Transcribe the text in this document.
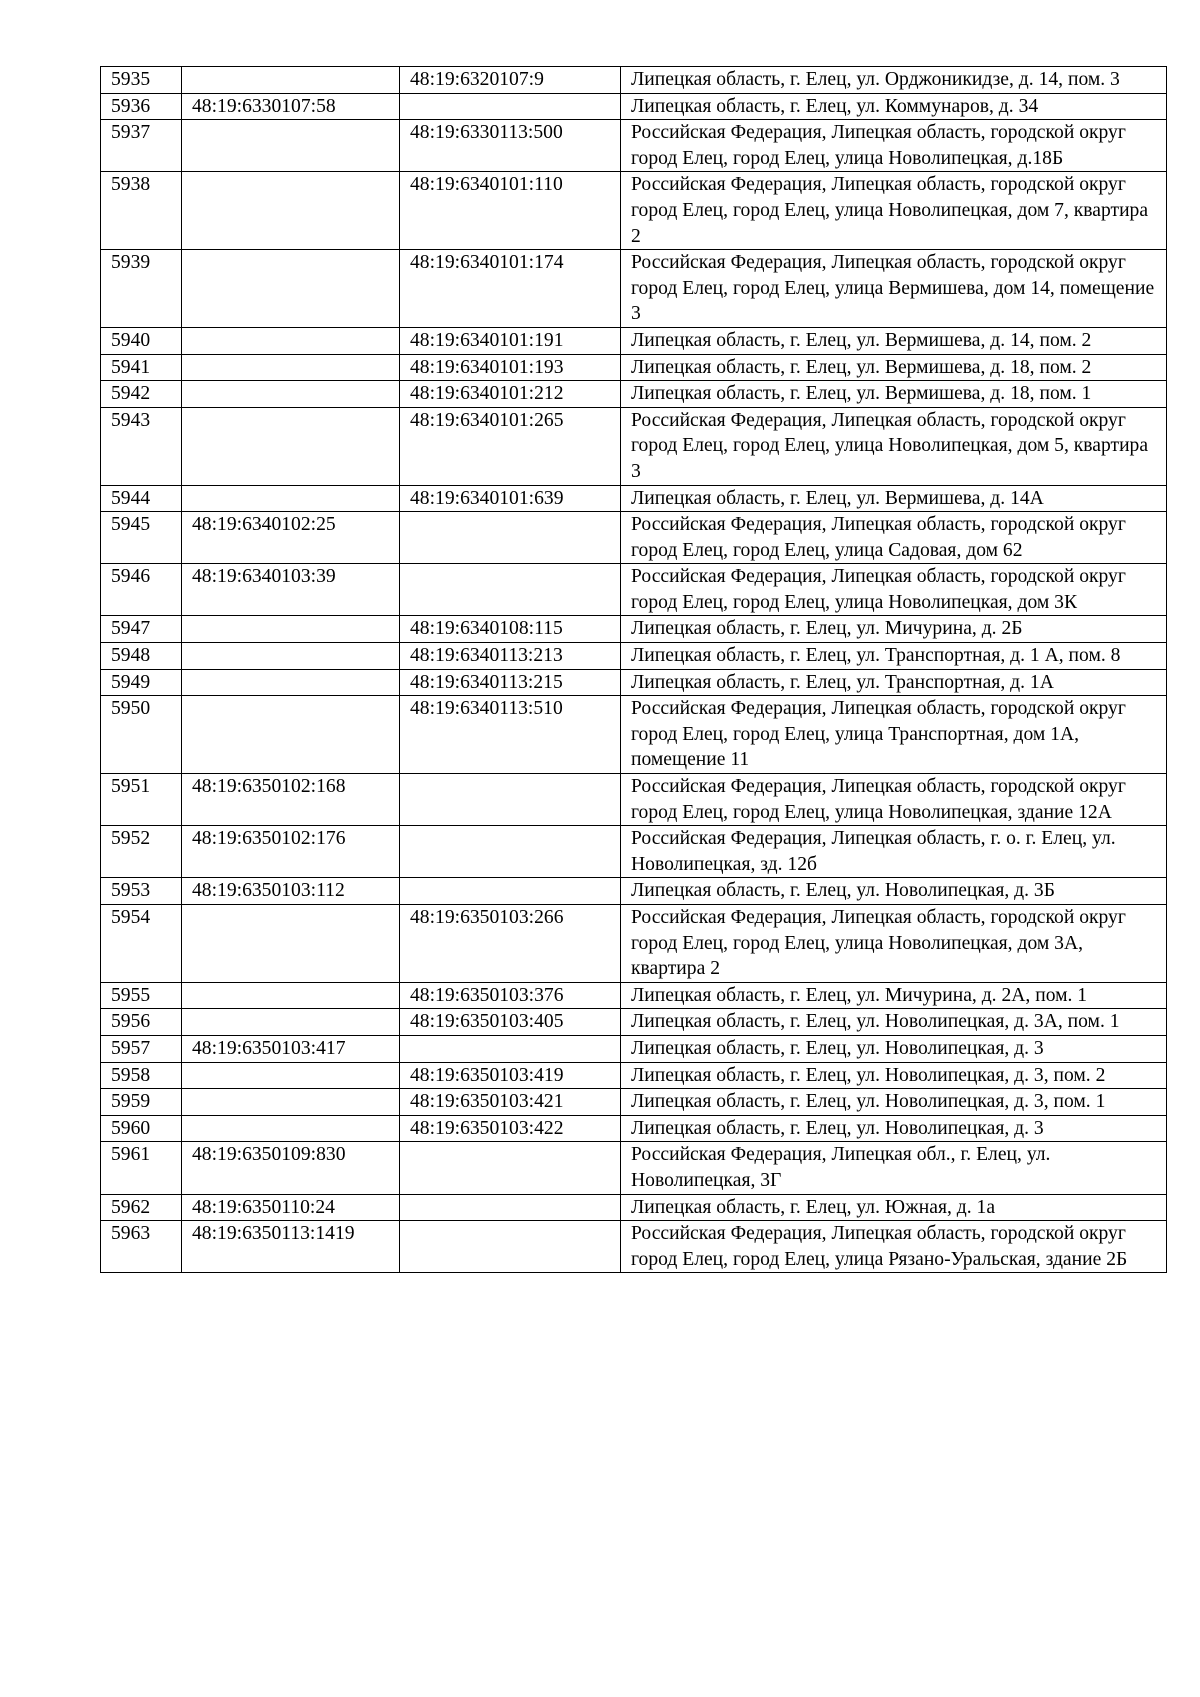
5935		48:19:6320107:9	Липецкая область, г. Елец, ул. Орджоникидзе, д. 14, пом. 3
5936	48:19:6330107:58		Липецкая область, г. Елец, ул. Коммунаров, д. 34
5937		48:19:6330113:500	Российская Федерация, Липецкая область, городской округ город Елец, город Елец, улица Новолипецкая, д.18Б
5938		48:19:6340101:110	Российская Федерация, Липецкая область, городской округ город Елец, город Елец, улица Новолипецкая, дом 7, квартира 2
5939		48:19:6340101:174	Российская Федерация, Липецкая область, городской округ город Елец, город Елец, улица Вермишева, дом 14, помещение 3
5940		48:19:6340101:191	Липецкая область, г. Елец, ул. Вермишева, д. 14, пом. 2
5941		48:19:6340101:193	Липецкая область, г. Елец, ул. Вермишева, д. 18, пом. 2
5942		48:19:6340101:212	Липецкая область, г. Елец, ул. Вермишева, д. 18, пом. 1
5943		48:19:6340101:265	Российская Федерация, Липецкая область, городской округ город Елец, город Елец, улица Новолипецкая, дом 5, квартира 3
5944		48:19:6340101:639	Липецкая область, г. Елец, ул. Вермишева, д. 14А
5945	48:19:6340102:25		Российская Федерация, Липецкая область, городской округ город Елец, город Елец, улица Садовая, дом 62
5946	48:19:6340103:39		Российская Федерация, Липецкая область, городской округ город Елец, город Елец, улица Новолипецкая, дом 3К
5947		48:19:6340108:115	Липецкая область, г. Елец, ул. Мичурина, д. 2Б
5948		48:19:6340113:213	Липецкая область, г. Елец, ул. Транспортная, д. 1 А, пом. 8
5949		48:19:6340113:215	Липецкая область, г. Елец, ул. Транспортная, д. 1А
5950		48:19:6340113:510	Российская Федерация, Липецкая область, городской округ город Елец, город Елец, улица Транспортная, дом 1А, помещение 11
5951	48:19:6350102:168		Российская Федерация, Липецкая область, городской округ город Елец, город Елец, улица Новолипецкая, здание 12А
5952	48:19:6350102:176		Российская Федерация, Липецкая область, г. о. г. Елец, ул. Новолипецкая, зд. 12б
5953	48:19:6350103:112		Липецкая область, г. Елец, ул. Новолипецкая, д. 3Б
5954		48:19:6350103:266	Российская Федерация, Липецкая область, городской округ город Елец, город Елец, улица Новолипецкая, дом 3А, квартира 2
5955		48:19:6350103:376	Липецкая область, г. Елец, ул. Мичурина, д. 2А, пом. 1
5956		48:19:6350103:405	Липецкая область, г. Елец, ул. Новолипецкая, д. 3А, пом. 1
5957	48:19:6350103:417		Липецкая область, г. Елец, ул. Новолипецкая, д. 3
5958		48:19:6350103:419	Липецкая область, г. Елец, ул. Новолипецкая, д. 3, пом. 2
5959		48:19:6350103:421	Липецкая область, г. Елец, ул. Новолипецкая, д. 3, пом. 1
5960		48:19:6350103:422	Липецкая область, г. Елец, ул. Новолипецкая, д. 3
5961	48:19:6350109:830		Российская Федерация, Липецкая обл., г. Елец, ул. Новолипецкая, 3Г
5962	48:19:6350110:24		Липецкая область, г. Елец, ул. Южная, д. 1а
5963	48:19:6350113:1419		Российская Федерация, Липецкая область, городской округ город Елец, город Елец, улица Рязано-Уральская, здание 2Б
